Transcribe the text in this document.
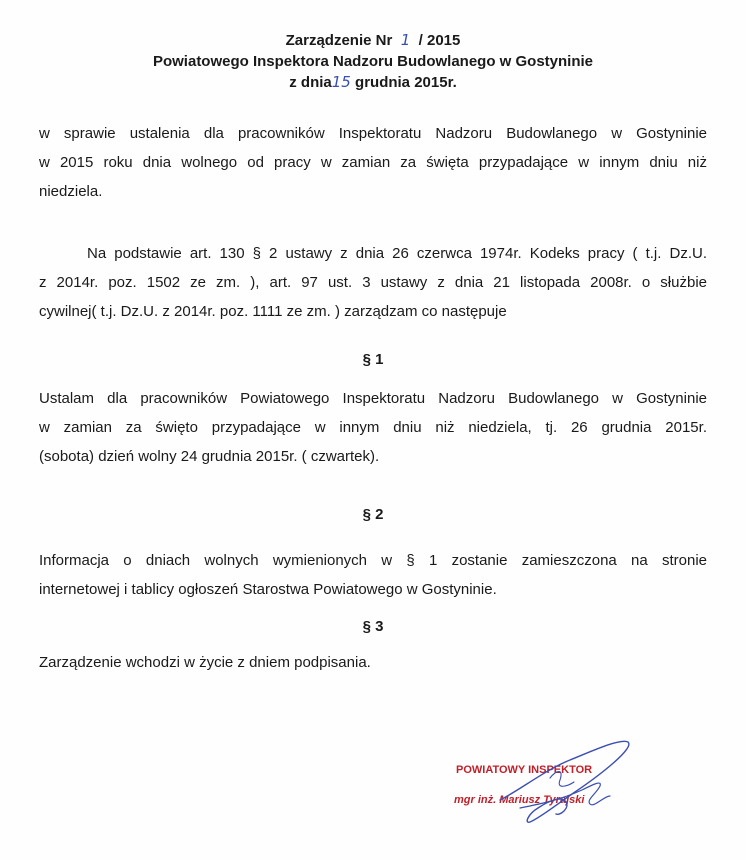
Zarządzenie Nr 1 / 2015
Powiatowego Inspektora Nadzoru Budowlanego w Gostyninie
z dnia15 grudnia 2015r.
w sprawie ustalenia dla pracowników Inspektoratu Nadzoru Budowlanego w Gostyninie
w 2015 roku dnia wolnego od pracy w zamian za święta przypadające w innym dniu niż
niedziela.
Na podstawie art. 130 § 2 ustawy z dnia 26 czerwca 1974r. Kodeks pracy ( t.j. Dz.U.
z 2014r. poz. 1502 ze zm. ), art. 97 ust. 3 ustawy z dnia 21 listopada 2008r. o służbie
cywilnej( t.j. Dz.U. z 2014r. poz. 1111 ze zm. ) zarządzam co następuje
§ 1
Ustalam dla pracowników Powiatowego Inspektoratu Nadzoru Budowlanego w Gostyninie
w zamian za święto przypadające w innym dniu niż niedziela, tj. 26 grudnia 2015r.
(sobota) dzień wolny 24 grudnia 2015r. ( czwartek).
§ 2
Informacja o dniach wolnych wymienionych w § 1 zostanie zamieszczona na stronie
internetowej i tablicy ogłoszeń Starostwa Powiatowego w Gostyninie.
§ 3
Zarządzenie wchodzi w życie z dniem podpisania.
POWIATOWY INSPEKTOR
mgr inż. Mariusz Tyrajski
